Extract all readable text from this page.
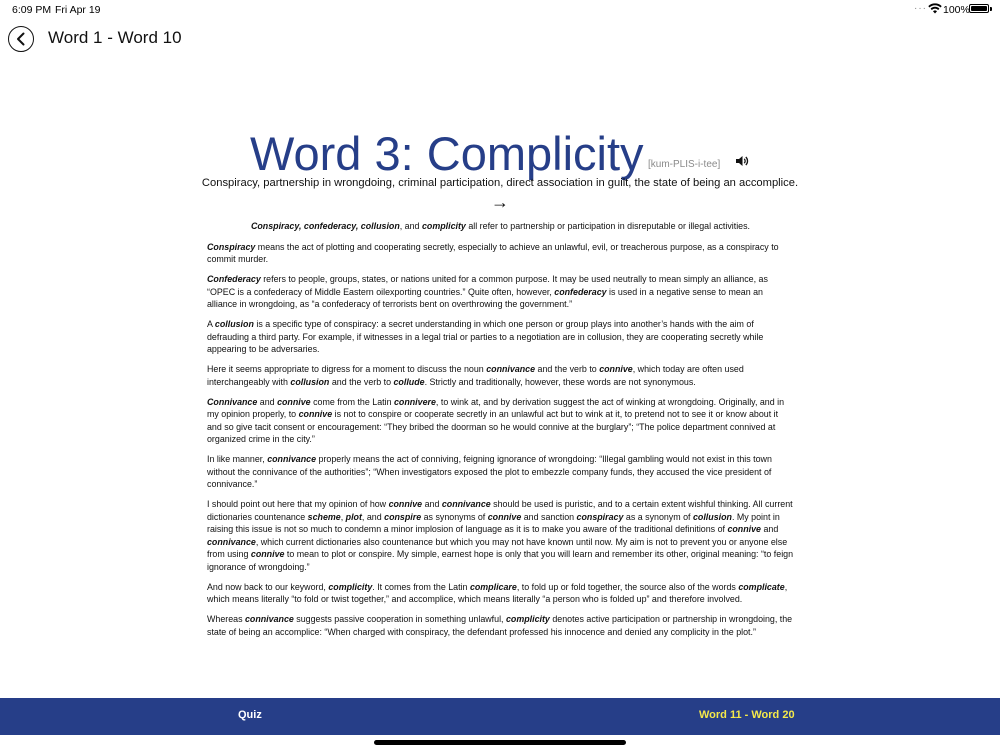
6:09 PM Fri Apr 19	··· 100%
Word 1 - Word 10
Word 3: Complicity [kum-PLIS-i-tee]
Conspiracy, partnership in wrongdoing, criminal participation, direct association in guilt, the state of being an accomplice.
→

Conspiracy, confederacy, collusion, and complicity all refer to partnership or participation in disreputable or illegal activities.

Conspiracy means the act of plotting and cooperating secretly, especially to achieve an unlawful, evil, or treacherous purpose, as a conspiracy to commit murder.

Confederacy refers to people, groups, states, or nations united for a common purpose. It may be used neutrally to mean simply an alliance, as “OPEC is a confederacy of Middle Eastern oilexporting countries.” Quite often, however, confederacy is used in a negative sense to mean an alliance in wrongdoing, as “a confederacy of terrorists bent on overthrowing the government.”

A collusion is a specific type of conspiracy: a secret understanding in which one person or group plays into another’s hands with the aim of defrauding a third party. For example, if witnesses in a legal trial or parties to a negotiation are in collusion, they are cooperating secretly while appearing to be adversaries.

Here it seems appropriate to digress for a moment to discuss the noun connivance and the verb to connive, which today are often used interchangeably with collusion and the verb to collude. Strictly and traditionally, however, these words are not synonymous.

Connivance and connive come from the Latin connivere, to wink at, and by derivation suggest the act of winking at wrongdoing. Originally, and in my opinion properly, to connive is not to conspire or cooperate secretly in an unlawful act but to wink at it, to pretend not to see it or know about it and so give tacit consent or encouragement: “They bribed the doorman so he would connive at the burglary”; “The police department connived at organized crime in the city.”

In like manner, connivance properly means the act of conniving, feigning ignorance of wrongdoing: “Illegal gambling would not exist in this town without the connivance of the authorities”; “When investigators exposed the plot to embezzle company funds, they accused the vice president of connivance.”

I should point out here that my opinion of how connive and connivance should be used is puristic, and to a certain extent wishful thinking. All current dictionaries countenance scheme, plot, and conspire as synonyms of connive and sanction conspiracy as a synonym of collusion. My point in raising this issue is not so much to condemn a minor implosion of language as it is to make you aware of the traditional definitions of connive and connivance, which current dictionaries also countenance but which you may not have known until now. My aim is not to prevent you or anyone else from using connive to mean to plot or conspire. My simple, earnest hope is only that you will learn and remember its other, original meaning: “to feign ignorance of wrongdoing.”

And now back to our keyword, complicity. It comes from the Latin complicare, to fold up or fold together, the source also of the words complicate, which means literally “to fold or twist together,” and accomplice, which means literally “a person who is folded up” and therefore involved.

Whereas connivance suggests passive cooperation in something unlawful, complicity denotes active participation or partnership in wrongdoing, the state of being an accomplice: “When charged with conspiracy, the defendant professed his innocence and denied any complicity in the plot.”

Quiz	Word 11 - Word 20
